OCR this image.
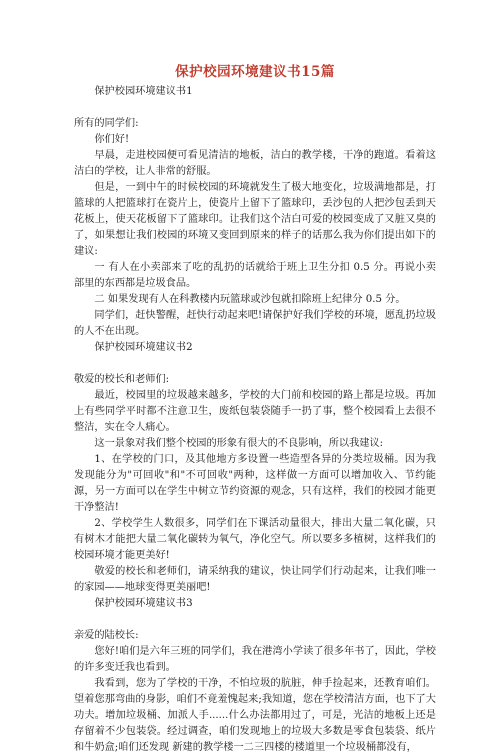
保护校园环境建议书15篇

保护校园环境建议书1

所有的同学们:

你们好!

早晨，走进校园便可看见清洁的地板，洁白的教学楼，干净的跑道。看着这洁白的学校，让人非常的舒服。

但是，一到中午的时候校园的环境就发生了极大地变化，垃圾满地都是，打篮球的人把篮球打在瓷片上，使瓷片上留下了篮球印，丢沙包的人把沙包丢到天花板上，使天花板留下了篮球印。让我们这个洁白可爱的校园变成了又脏又臭的了，如果想让我们校园的环境又变回到原来的样子的话那么我为你们提出如下的建议:

一 有人在小卖部来了吃的乱扔的话就给于班上卫生分扣 0.5 分。再说小卖部里的东西都是垃圾食品。

二 如果发现有人在科教楼内玩篮球或沙包就扣除班上纪律分 0.5 分。

同学们，赶快警醒，赶快行动起来吧!请保护好我们学校的环境，愿乱扔垃圾的人不在出现。

保护校园环境建议书2

敬爱的校长和老师们:

最近，校园里的垃圾越来越多，学校的大门前和校园的路上都是垃圾。再加上有些同学平时都不注意卫生，废纸包装袋随手一扔了事，整个校园看上去很不整洁，实在令人痛心。

这一景象对我们整个校园的形象有很大的不良影响，所以我建议:

1、在学校的门口，及其他地方多设置一些造型各异的分类垃圾桶。因为我发现能分为"可回收"和"不可回收"两种，这样做一方面可以增加收入、节约能源，另一方面可以在学生中树立节约资源的观念，只有这样，我们的校园才能更干净整洁!

2、学校学生人数很多，同学们在下课活动量很大，排出大量二氧化碳，只有树木才能把大量二氧化碳转为氧气，净化空气。所以要多多植树，这样我们的校园环境才能更美好!

敬爱的校长和老师们，请采纳我的建议，快让同学们行动起来，让我们唯一的家园——地球变得更美丽吧!

保护校园环境建议书3

亲爱的陆校长:

您好!咱们是六年三班的同学们，我在港湾小学读了很多年书了，因此，学校的许多变迁我也看到。

我看到，您为了学校的干净，不怕垃圾的肮脏，伸手捡起来，还教育咱们。望着您那弯曲的身影，咱们不竟羞愧起来;我知道，您在学校清洁方面，也下了大功夫。增加垃圾桶、加派人手......什么办法都用过了，可是，光洁的地板上还是存留着不少包装袋。经过调查，咱们发现地上的垃圾大多数是零食包装袋、纸片和牛奶盒;咱们还发现 新建的教学楼一二三四楼的楼道里一个垃圾桶都没有，
